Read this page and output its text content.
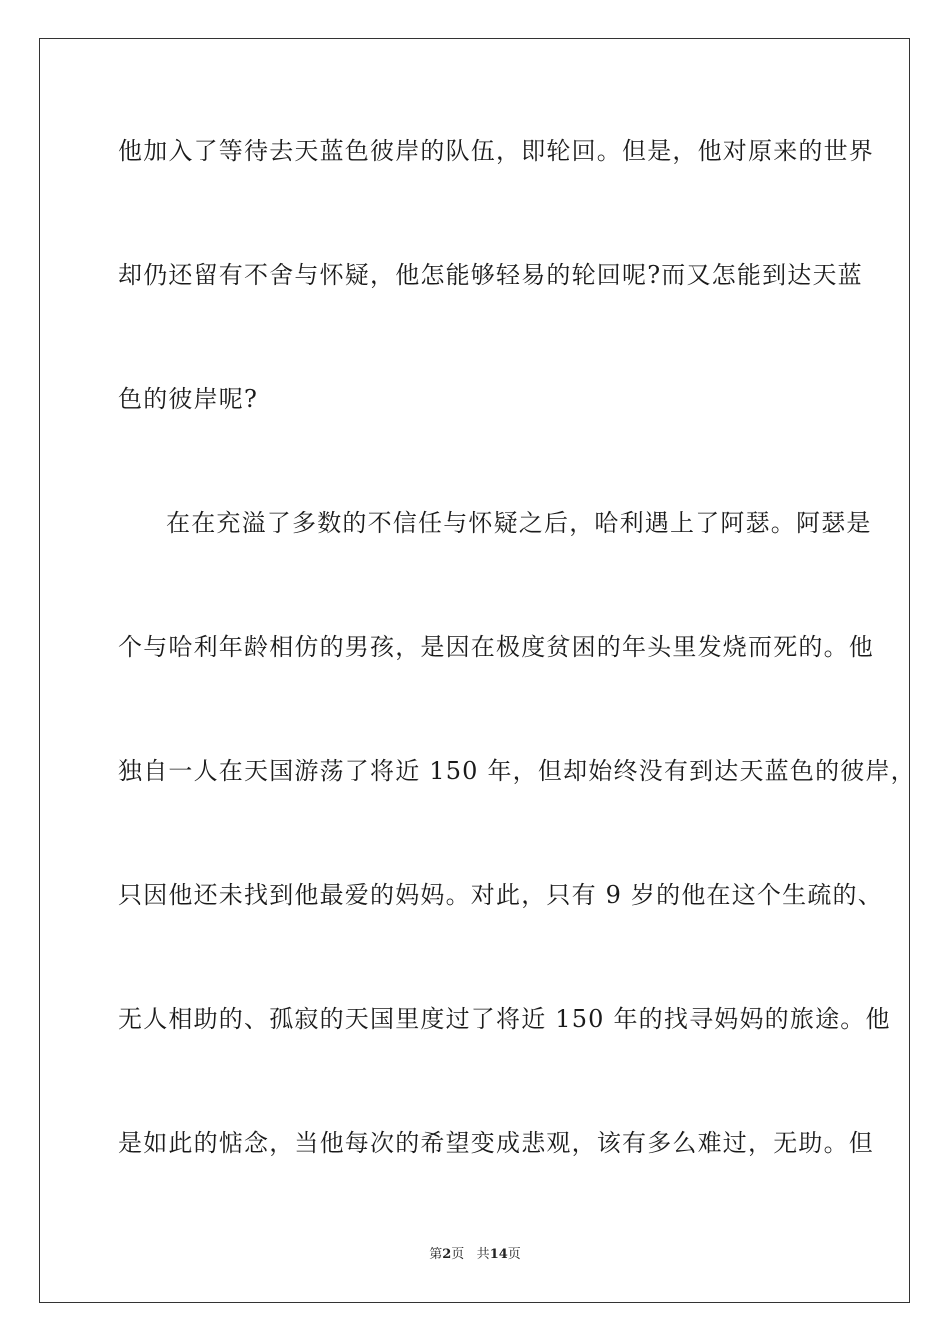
他加入了等待去天蓝色彼岸的队伍，即轮回。但是，他对原来的世界
却仍还留有不舍与怀疑，他怎能够轻易的轮回呢?而又怎能到达天蓝
色的彼岸呢?
在在充溢了多数的不信任与怀疑之后，哈利遇上了阿瑟。阿瑟是
个与哈利年龄相仿的男孩，是因在极度贫困的年头里发烧而死的。他
独自一人在天国游荡了将近 150 年，但却始终没有到达天蓝色的彼岸，
只因他还未找到他最爱的妈妈。对此，只有 9 岁的他在这个生疏的、
无人相助的、孤寂的天国里度过了将近 150 年的找寻妈妈的旅途。他
是如此的惦念，当他每次的希望变成悲观，该有多么难过，无助。但
第2页 共14页
